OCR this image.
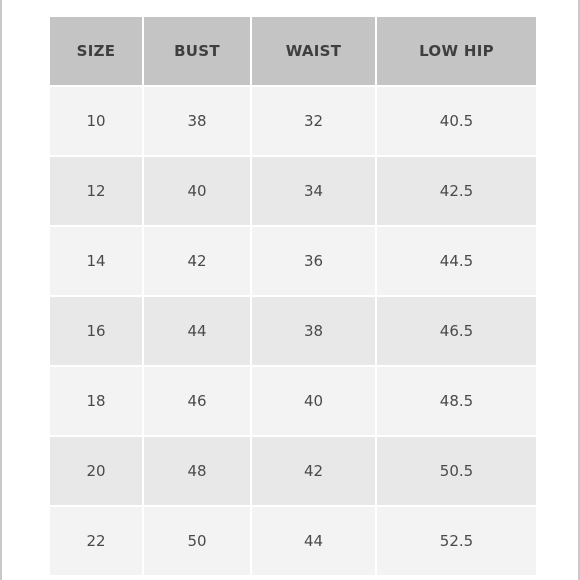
SIZE	BUST	WAIST	LOW HIP
10	38	32	40.5
12	40	34	42.5
14	42	36	44.5
16	44	38	46.5
18	46	40	48.5
20	48	42	50.5
22	50	44	52.5
